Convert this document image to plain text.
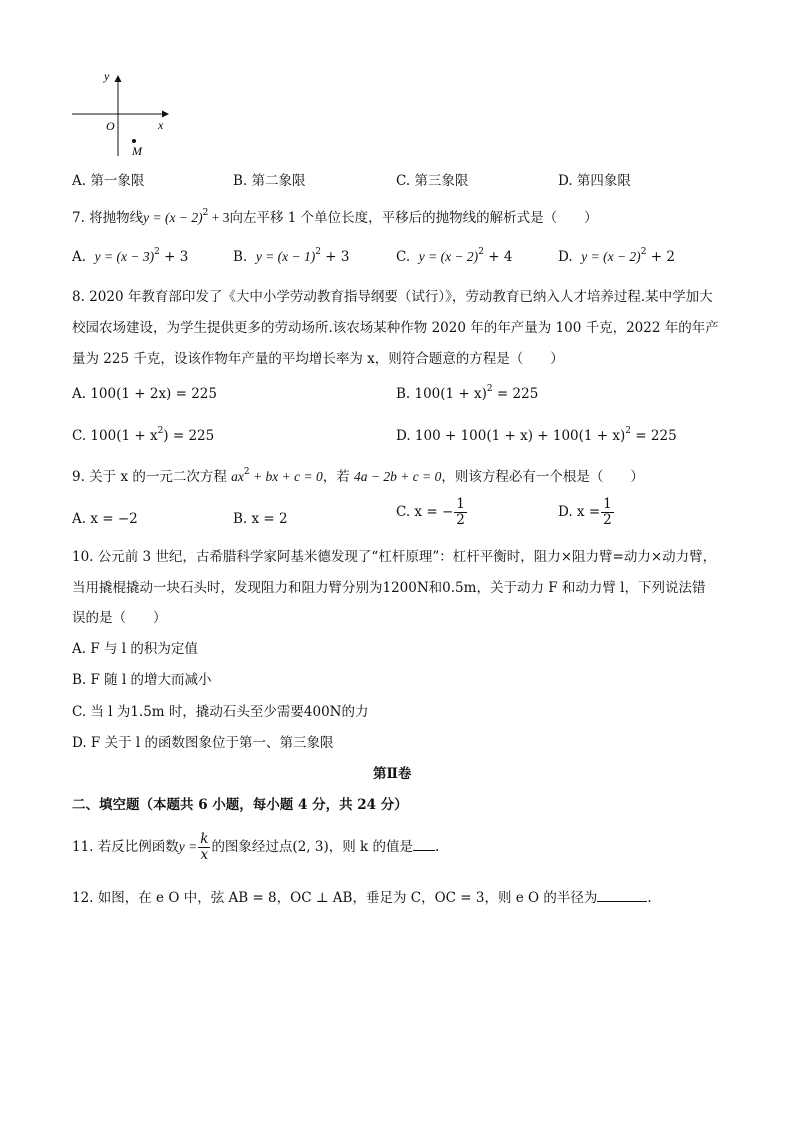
y
x
O
M
A. 第一象限	B. 第二象限	C. 第三象限	D. 第四象限
7. 将抛物线$y = (x - 2)^2 + 3$向左平移 1 个单位长度，平移后的抛物线的解析式是（　　）
A. $y = (x - 3)^2 + 3$	B. $y = (x - 1)^2 + 3$	C. $y = (x - 2)^2 + 4$	D. $y = (x - 2)^2 + 2$
8. 2020 年教育部印发了《大中小学劳动教育指导纲要（试行）》，劳动教育已纳入人才培养过程.某中学加大
校园农场建设，为学生提供更多的劳动场所.该农场某种作物 2020 年的年产量为 100 千克，2022 年的年产
量为 225 千克，设该作物年产量的平均增长率为 x，则符合题意的方程是（　　）
A. 100(1 + 2x) = 225	B. $100(1 + x)^2 = 225$
C. $100(1 + x^2) = 225$	D. $100 + 100(1 + x) + 100(1 + x)^2 = 225$
9. 关于 x 的一元二次方程 $ax^2$ + bx + c = 0，若 4a − 2b + c = 0，则该方程必有一个根是（　　）
A. x = −2	B. x = 2	C. x = − $\frac{1}{2}$	D. $x = \frac{1}{2}$
10. 公元前 3 世纪，古希腊科学家阿基米德发现了“杠杆原理”：杠杆平衡时，阻力×阻力臂=动力×动力臂，
当用撬棍撬动一块石头时，发现阻力和阻力臂分别为1200N和0.5m，关于动力 F 和动力臂 l，下列说法错
误的是（　　）
A. F 与 l 的积为定值
B. F 随 l 的增大而减小
C. 当 l 为1.5m 时，撬动石头至少需要400N的力
D. F 关于 l 的函数图象位于第一、第三象限
第Ⅱ卷
二、填空题（本题共 6 小题，每小题 4 分，共 24 分）
11. 若反比例函数$y = \frac{k}{x}$ 的图象经过点(2, 3)，则 k 的值是 .
12. 如图，在 e O 中，弦 AB = 8，OC ⊥ AB，垂足为 C，OC = 3，则 e O 的半径为	.
